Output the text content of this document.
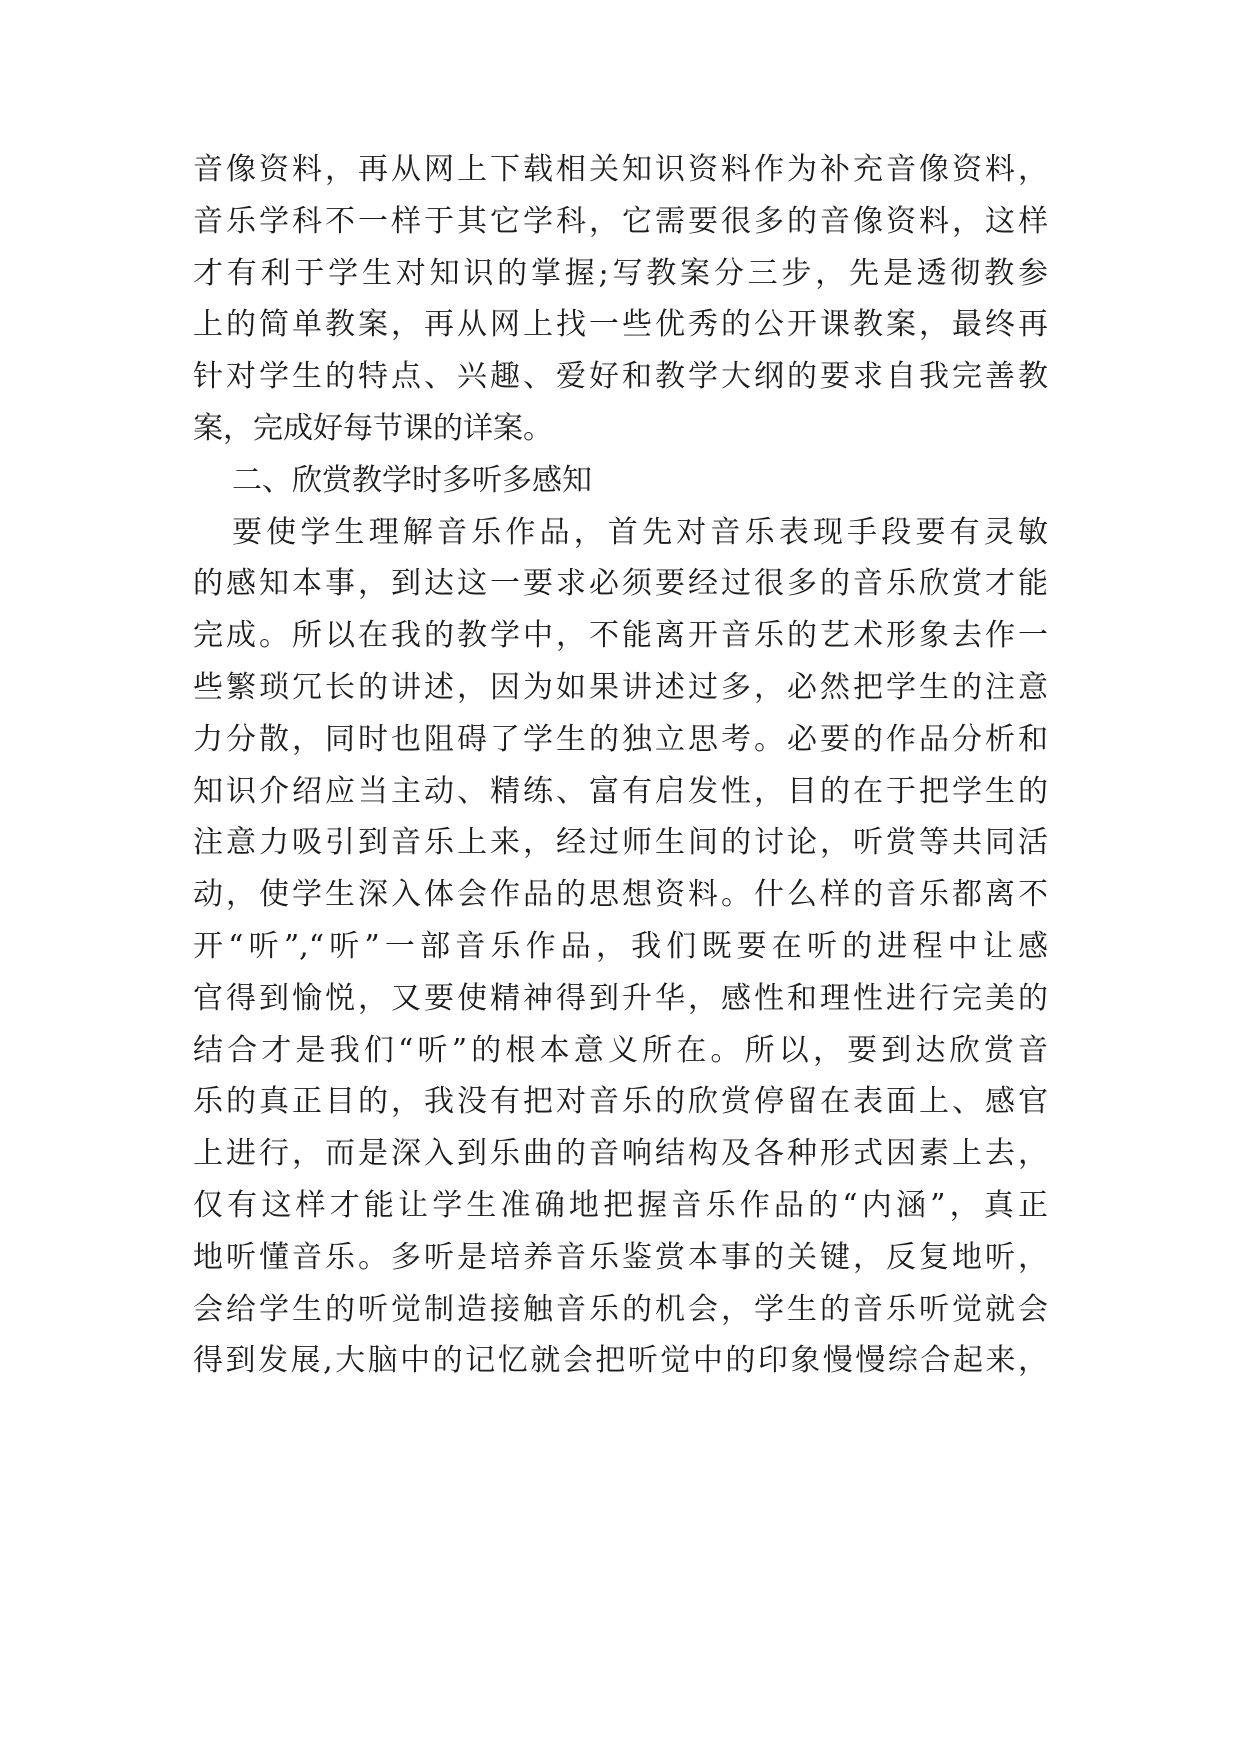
音像资料，再从网上下载相关知识资料作为补充音像资料，
音乐学科不一样于其它学科，它需要很多的音像资料，这样
才有利于学生对知识的掌握;写教案分三步，先是透彻教参
上的简单教案，再从网上找一些优秀的公开课教案，最终再
针对学生的特点、兴趣、爱好和教学大纲的要求自我完善教
案，完成好每节课的详案。
二、欣赏教学时多听多感知
要使学生理解音乐作品，首先对音乐表现手段要有灵敏
的感知本事，到达这一要求必须要经过很多的音乐欣赏才能
完成。所以在我的教学中，不能离开音乐的艺术形象去作一
些繁琐冗长的讲述，因为如果讲述过多，必然把学生的注意
力分散，同时也阻碍了学生的独立思考。必要的作品分析和
知识介绍应当主动、精练、富有启发性，目的在于把学生的
注意力吸引到音乐上来，经过师生间的讨论，听赏等共同活
动，使学生深入体会作品的思想资料。什么样的音乐都离不
开“听”,“听”一部音乐作品，我们既要在听的进程中让感
官得到愉悦，又要使精神得到升华，感性和理性进行完美的
结合才是我们“听”的根本意义所在。所以，要到达欣赏音
乐的真正目的，我没有把对音乐的欣赏停留在表面上、感官
上进行，而是深入到乐曲的音响结构及各种形式因素上去，
仅有这样才能让学生准确地把握音乐作品的“内涵”，真正
地听懂音乐。多听是培养音乐鉴赏本事的关键，反复地听，
会给学生的听觉制造接触音乐的机会，学生的音乐听觉就会
得到发展,大脑中的记忆就会把听觉中的印象慢慢综合起来，
